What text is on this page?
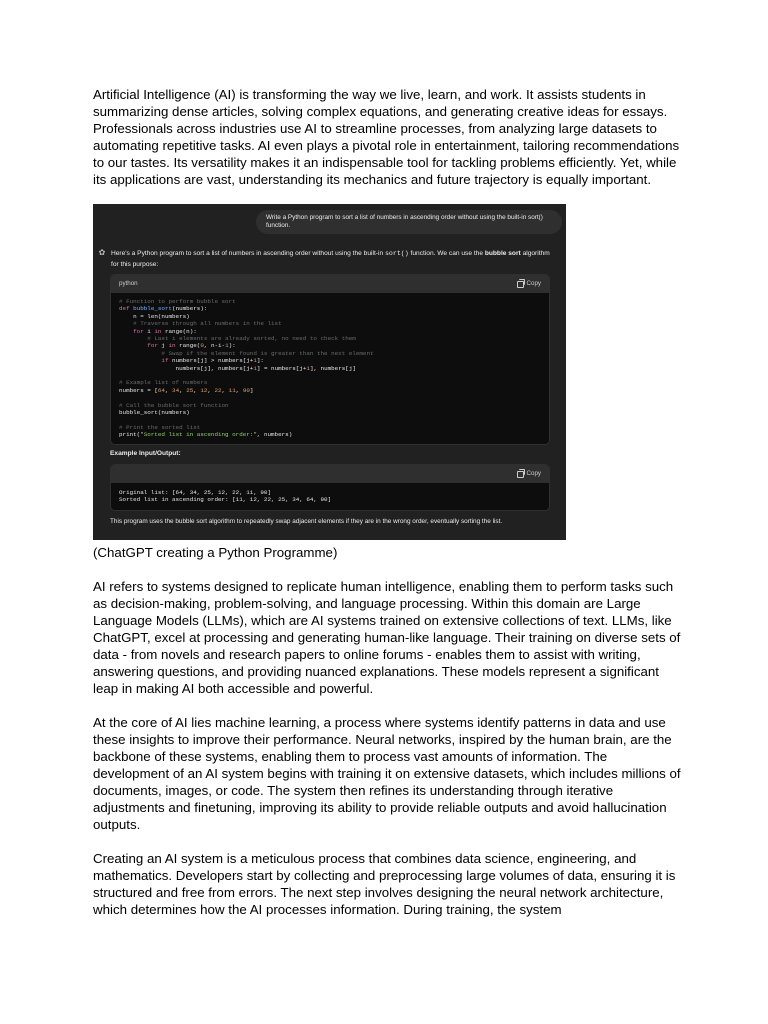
Artificial Intelligence (AI) is transforming the way we live, learn, and work. It assists students in summarizing dense articles, solving complex equations, and generating creative ideas for essays. Professionals across industries use AI to streamline processes, from analyzing large datasets to automating repetitive tasks. AI even plays a pivotal role in entertainment, tailoring recommendations to our tastes. Its versatility makes it an indispensable tool for tackling problems efficiently. Yet, while its applications are vast, understanding its mechanics and future trajectory is equally important.

Write a Python program to sort a list of numbers in ascending order without using the built-in sort() function.
✿ Here's a Python program to sort a list of numbers in ascending order without using the built-in sort() function. We can use the bubble sort algorithm for this purpose:
python	Copy
# Function to perform bubble sort
def bubble_sort(numbers):
n = len(numbers)
# Traverse through all numbers in the list
for i in range(n):
# Last i elements are already sorted, no need to check them
for j in range(0, n-i-1):
# Swap if the element found is greater than the next element
if numbers[j] > numbers[j+1]:
numbers[j], numbers[j+1] = numbers[j+1], numbers[j]

# Example list of numbers
numbers = [64, 34, 25, 12, 22, 11, 90]

# Call the bubble sort function
bubble_sort(numbers)

# Print the sorted list
print("Sorted list in ascending order:", numbers)
Example Input/Output:
Copy
Original list: [64, 34, 25, 12, 22, 11, 90]
Sorted list in ascending order: [11, 12, 22, 25, 34, 64, 90]
This program uses the bubble sort algorithm to repeatedly swap adjacent elements if they are in the wrong order, eventually sorting the list.

(ChatGPT creating a Python Programme)

AI refers to systems designed to replicate human intelligence, enabling them to perform tasks such as decision-making, problem-solving, and language processing. Within this domain are Large Language Models (LLMs), which are AI systems trained on extensive collections of text. LLMs, like ChatGPT, excel at processing and generating human-like language. Their training on diverse sets of data - from novels and research papers to online forums - enables them to assist with writing, answering questions, and providing nuanced explanations. These models represent a significant leap in making AI both accessible and powerful.

At the core of AI lies machine learning, a process where systems identify patterns in data and use these insights to improve their performance. Neural networks, inspired by the human brain, are the backbone of these systems, enabling them to process vast amounts of information. The development of an AI system begins with training it on extensive datasets, which includes millions of documents, images, or code. The system then refines its understanding through iterative adjustments and finetuning, improving its ability to provide reliable outputs and avoid hallucination outputs.

Creating an AI system is a meticulous process that combines data science, engineering, and mathematics. Developers start by collecting and preprocessing large volumes of data, ensuring it is structured and free from errors. The next step involves designing the neural network architecture, which determines how the AI processes information. During training, the system
